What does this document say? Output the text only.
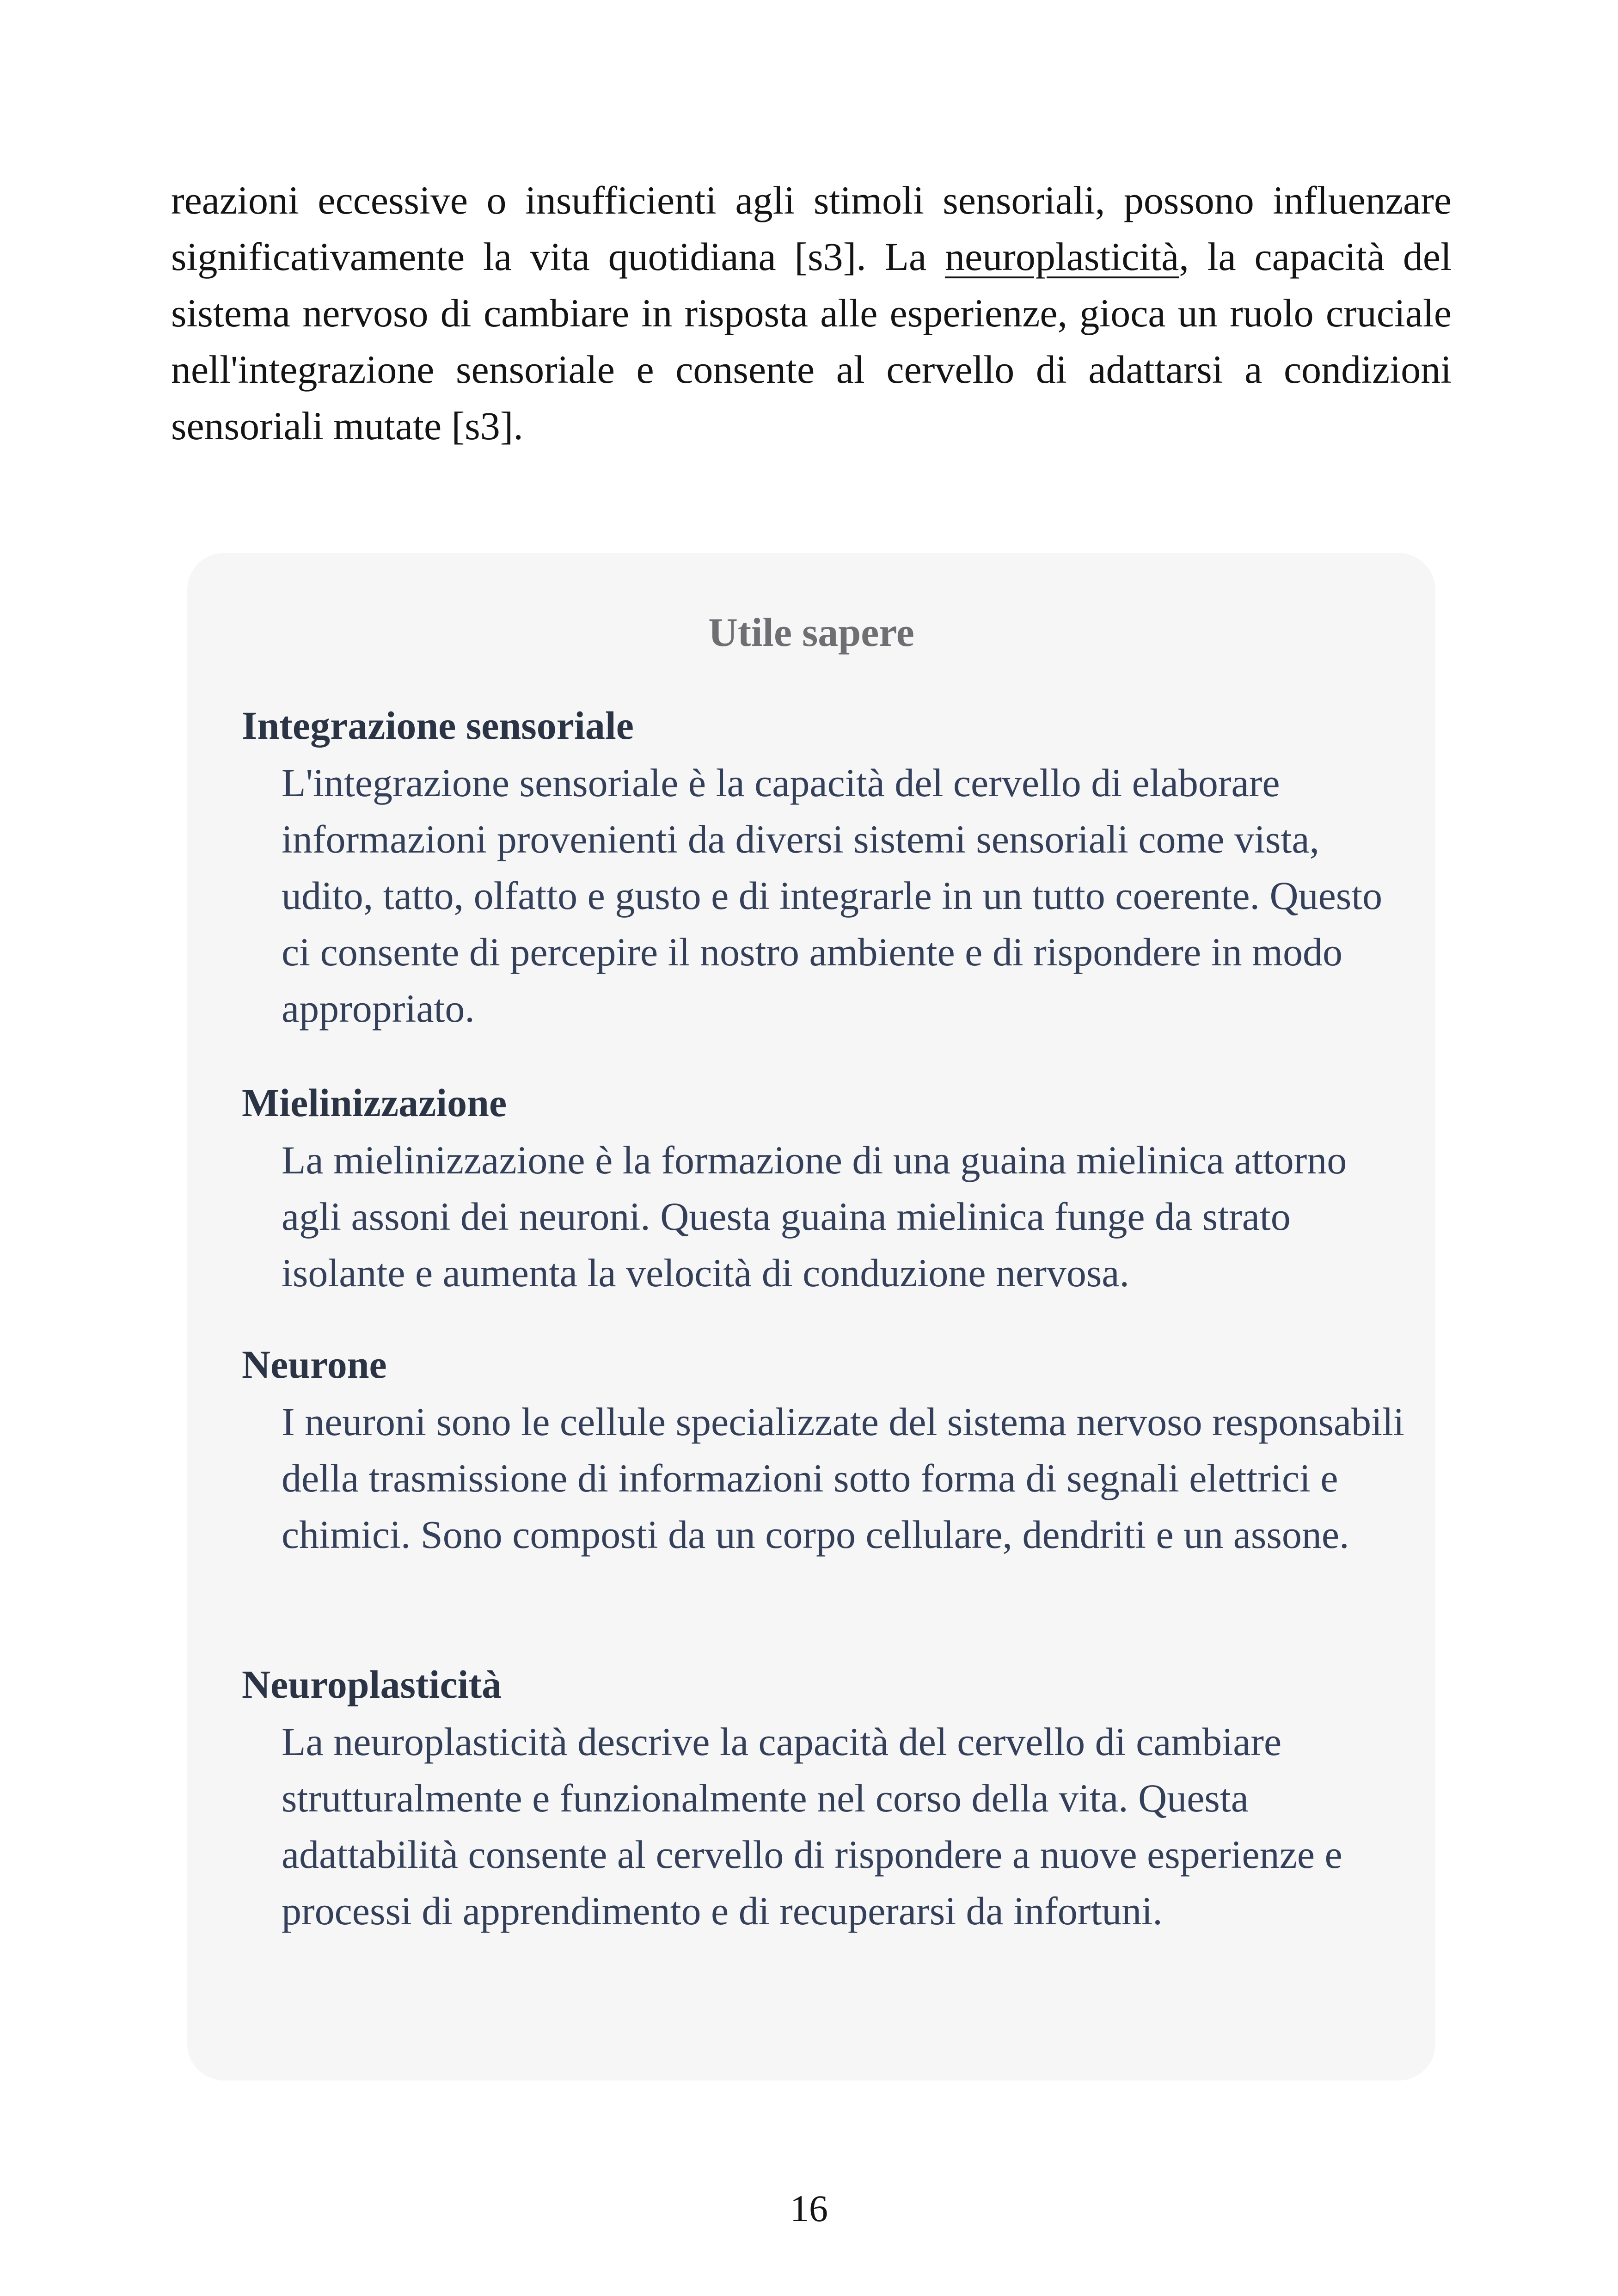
reazioni eccessive o insufficienti agli stimoli sensoriali, possono influenzare significativamente la vita quotidiana [s3]. La neuroplasticità, la capacità del sistema nervoso di cambiare in risposta alle esperienze, gioca un ruolo cruciale nell'integrazione sensoriale e consente al cervello di adattarsi a condizioni sensoriali mutate [s3].

Utile sapere

Integrazione sensoriale

L'integrazione sensoriale è la capacità del cervello di elaborare informazioni provenienti da diversi sistemi sensoriali come vista, udito, tatto, olfatto e gusto e di integrarle in un tutto coerente. Questo ci consente di percepire il nostro ambiente e di rispondere in modo appropriato.

Mielinizzazione

La mielinizzazione è la formazione di una guaina mielinica attorno agli assoni dei neuroni. Questa guaina mielinica funge da strato isolante e aumenta la velocità di conduzione nervosa.

Neurone

I neuroni sono le cellule specializzate del sistema nervoso responsabili della trasmissione di informazioni sotto forma di segnali elettrici e chimici. Sono composti da un corpo cellulare, dendriti e un assone.

Neuroplasticità

La neuroplasticità descrive la capacità del cervello di cambiare strutturalmente e funzionalmente nel corso della vita. Questa adattabilità consente al cervello di rispondere a nuove esperienze e processi di apprendimento e di recuperarsi da infortuni.

16
